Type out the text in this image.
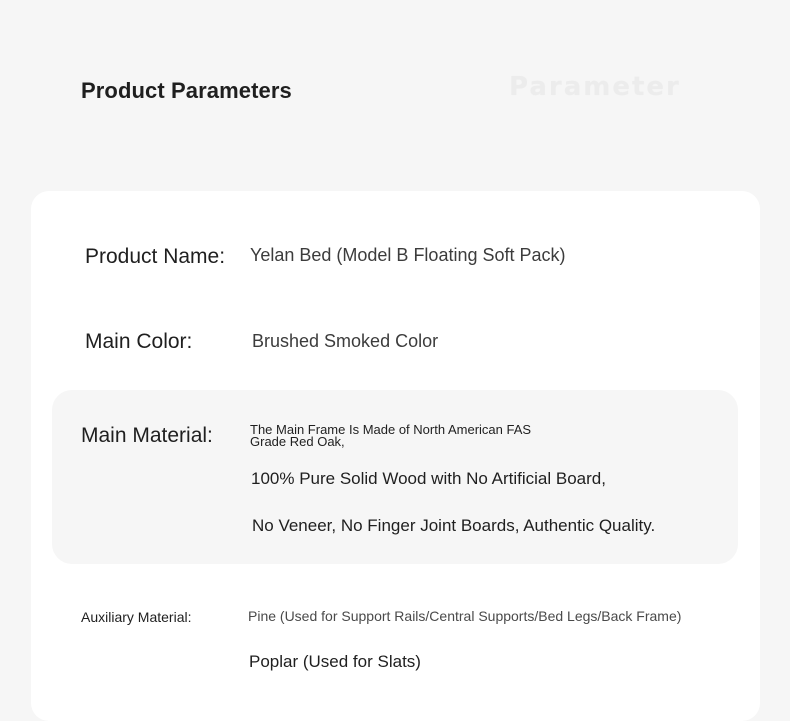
Product Parameters	Parameter
Product Name: Yelan Bed (Model B Floating Soft Pack)
Main Color:	Brushed Smoked Color
Main Material:	The Main Frame Is Made of North American FAS
Grade Red Oak,
100% Pure Solid Wood with No Artificial Board,
No Veneer, No Finger Joint Boards, Authentic Quality.
Auxiliary Material:	Pine (Used for Support Rails/Central Supports/Bed Legs/Back Frame)
Poplar (Used for Slats)
